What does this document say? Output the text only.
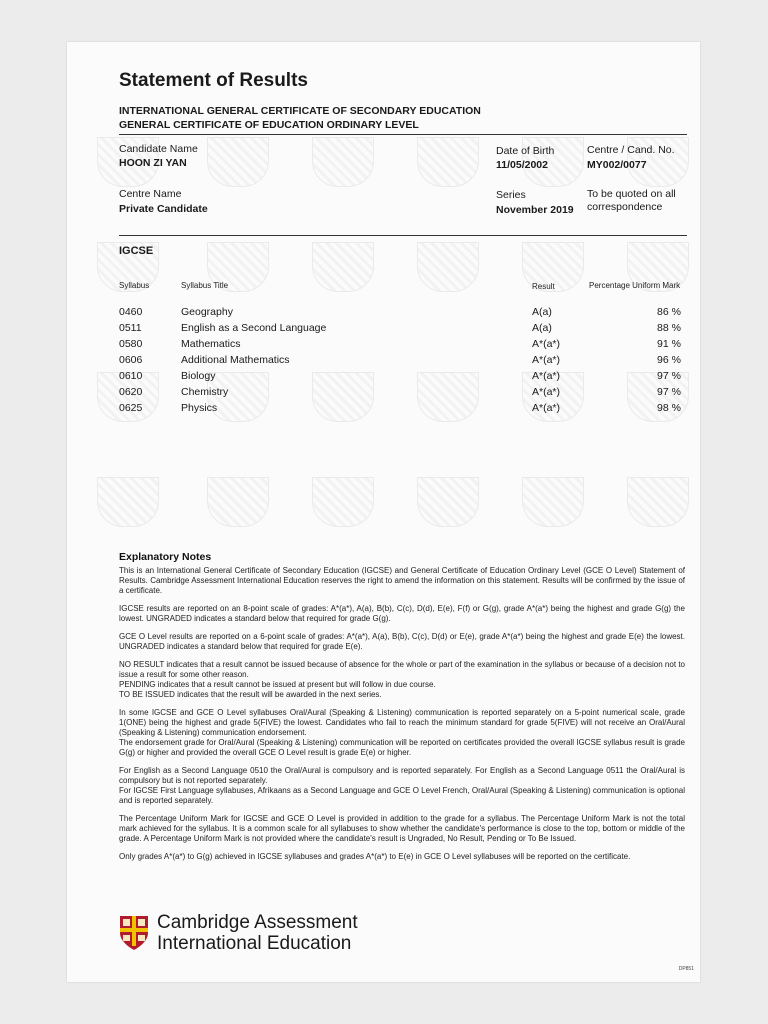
Statement of Results
INTERNATIONAL GENERAL CERTIFICATE OF SECONDARY EDUCATION
GENERAL CERTIFICATE OF EDUCATION ORDINARY LEVEL
Candidate Name
HOON ZI YAN
Date of Birth
11/05/2002
Centre / Cand. No.
MY002/0077
Centre Name
Private Candidate
Series
November 2019
To be quoted on all
correspondence
IGCSE
Syllabus	Syllabus Title	Result	Percentage Uniform Mark
0460	Geography	A(a)	86 %
0511	English as a Second Language	A(a)	88 %
0580	Mathematics	A*(a*)	91 %
0606	Additional Mathematics	A*(a*)	96 %
0610	Biology	A*(a*)	97 %
0620	Chemistry	A*(a*)	97 %
0625	Physics	A*(a*)	98 %
Explanatory Notes

This is an International General Certificate of Secondary Education (IGCSE) and General Certificate of Education Ordinary Level (GCE O Level) Statement of Results. Cambridge Assessment International Education reserves the right to amend the information on this statement. Results will be confirmed by the issue of a certificate.

IGCSE results are reported on an 8-point scale of grades: A*(a*), A(a), B(b), C(c), D(d), E(e), F(f) or G(g), grade A*(a*) being the highest and grade G(g) the lowest. UNGRADED indicates a standard below that required for grade G(g).

GCE O Level results are reported on a 6-point scale of grades: A*(a*), A(a), B(b), C(c), D(d) or E(e), grade A*(a*) being the highest and grade E(e) the lowest. UNGRADED indicates a standard below that required for grade E(e).

NO RESULT indicates that a result cannot be issued because of absence for the whole or part of the examination in the syllabus or because of a decision not to issue a result for some other reason.
PENDING indicates that a result cannot be issued at present but will follow in due course.
TO BE ISSUED indicates that the result will be awarded in the next series.

In some IGCSE and GCE O Level syllabuses Oral/Aural (Speaking & Listening) communication is reported separately on a 5-point numerical scale, grade 1(ONE) being the highest and grade 5(FIVE) the lowest. Candidates who fail to reach the minimum standard for grade 5(FIVE) will not receive an Oral/Aural (Speaking & Listening) communication endorsement.
The endorsement grade for Oral/Aural (Speaking & Listening) communication will be reported on certificates provided the overall IGCSE syllabus result is grade G(g) or higher and provided the overall GCE O Level result is grade E(e) or higher.

For English as a Second Language 0510 the Oral/Aural is compulsory and is reported separately. For English as a Second Language 0511 the Oral/Aural is compulsory but is not reported separately.
For IGCSE First Language syllabuses, Afrikaans as a Second Language and GCE O Level French, Oral/Aural (Speaking & Listening) communication is optional and is reported separately.

The Percentage Uniform Mark for IGCSE and GCE O Level is provided in addition to the grade for a syllabus. The Percentage Uniform Mark is not the total mark achieved for the syllabus. It is a common scale for all syllabuses to show whether the candidate's performance is close to the top, bottom or middle of the grade. A Percentage Uniform Mark is not provided where the candidate's result is Ungraded, No Result, Pending or To Be Issued.

Only grades A*(a*) to G(g) achieved in IGCSE syllabuses and grades A*(a*) to E(e) in GCE O Level syllabuses will be reported on the certificate.

Cambridge Assessment
International Education
DP851
